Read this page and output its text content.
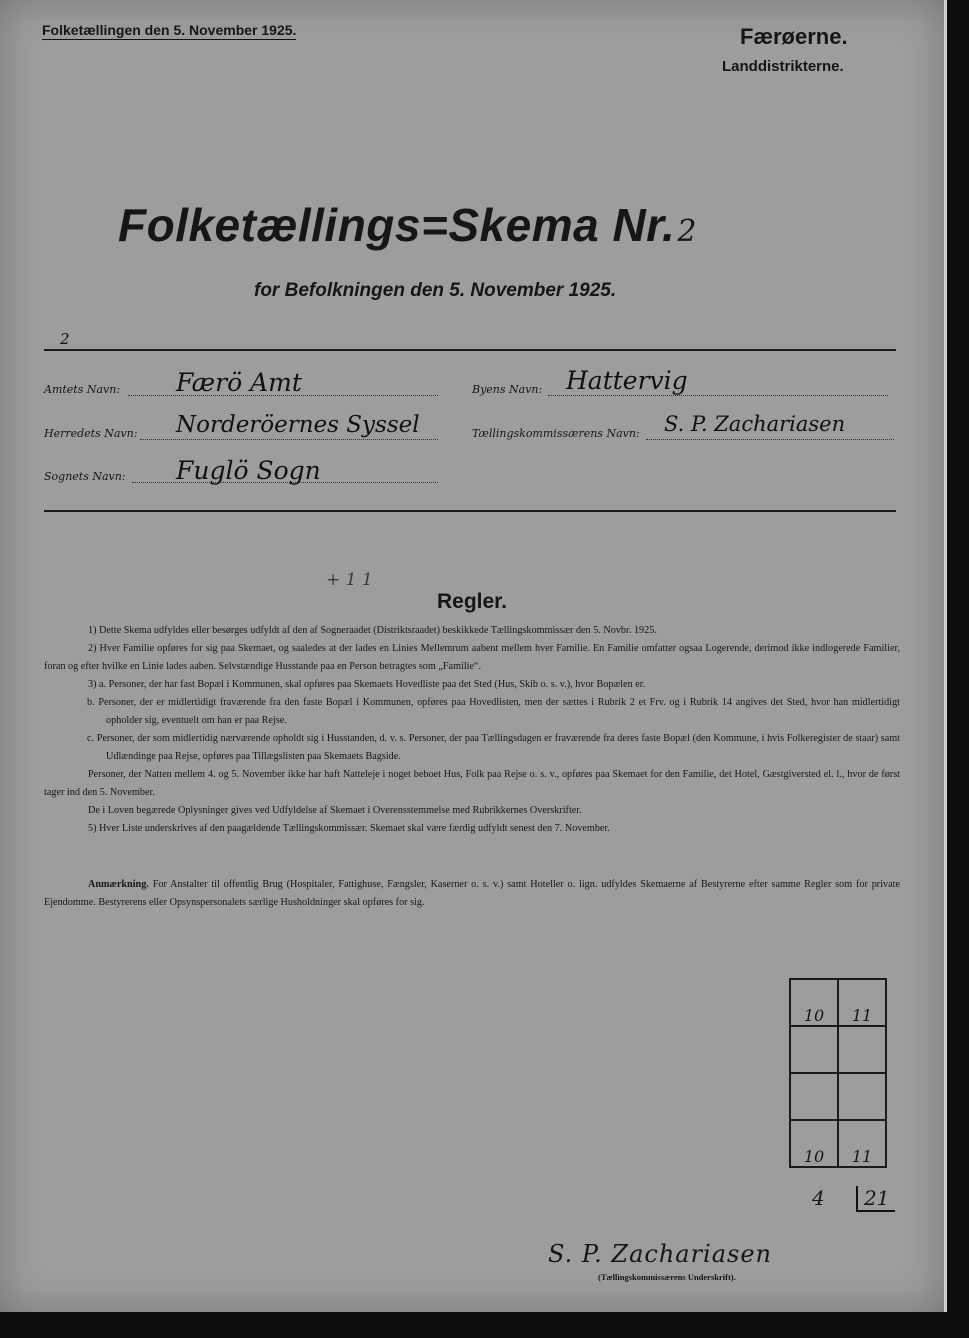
Folketællingen den 5. November 1925.	Færøerne.
Landdistrikterne.
Folketællings=Skema Nr.2
for Befolkningen den 5. November 1925.
2
Amtets Navn: Færö Amt	Byens Navn: Hattervig
Herredets Navn: Norderöernes Syssel	Tællingskommissærens Navn: S. P. Zachariasen
Sognets Navn: Fuglö Sogn
+ 1 1
Regler.

1) Dette Skema udfyldes eller besørges udfyldt af den af Sogneraadet (Distriktsraadet) beskikkede Tællingskommissær den 5. Novbr. 1925.

2) Hver Familie opføres for sig paa Skemaet, og saaledes at der lades en Linies Mellemrum aabent mellem hver Familie. En Familie omfatter ogsaa Logerende, derimod ikke indlogerede Familier, foran og efter hvilke en Linie lades aaben. Selvstændige Husstande paa en Person betragtes som „Familie“.

3) a. Personer, der har fast Bopæl i Kommunen, skal opføres paa Skemaets Hovedliste paa det Sted (Hus, Skib o. s. v.), hvor Bopælen er.

b. Personer, der er midlertidigt fraværende fra den faste Bopæl i Kommunen, opføres paa Hovedlisten, men der sættes i Rubrik 2 et Frv. og i Rubrik 14 angives det Sted, hvor han midlertidigt opholder sig, eventuelt om han er paa Rejse.

c. Personer, der som midlertidig nærværende opholdt sig i Husstanden, d. v. s. Personer, der paa Tællingsdagen er fraværende fra deres faste Bopæl (den Kommune, i hvis Folkeregister de staar) samt Udlændinge paa Rejse, opføres paa Tillægslisten paa Skemaets Bagside.

Personer, der Natten mellem 4. og 5. November ikke har haft Natteleje i noget beboet Hus, Folk paa Rejse o. s. v., opføres paa Skemaet for den Familie, det Hotel, Gæstgiversted el. l., hvor de først tager ind den 5. November.

De i Loven begærede Oplysninger gives ved Udfyldelse af Skemaet i Overensstemmelse med Rubrikkernes Overskrifter.

5) Hver Liste underskrives af den paagældende Tællingskommissær. Skemaet skal være færdig udfyldt senest den 7. November.

Anmærkning. For Anstalter til offentlig Brug (Hospitaler, Fattighuse, Fængsler, Kaserner o. s. v.) samt Hoteller o. lign. udfyldes Skemaerne af Bestyrerne efter samme Regler som for private Ejendomme. Bestyrerens eller Opsynspersonalets særlige Husholdninger skal opføres for sig.
10	11

10	11
4	21
S. P. Zachariasen
(Tællingskommissærens Underskrift).
